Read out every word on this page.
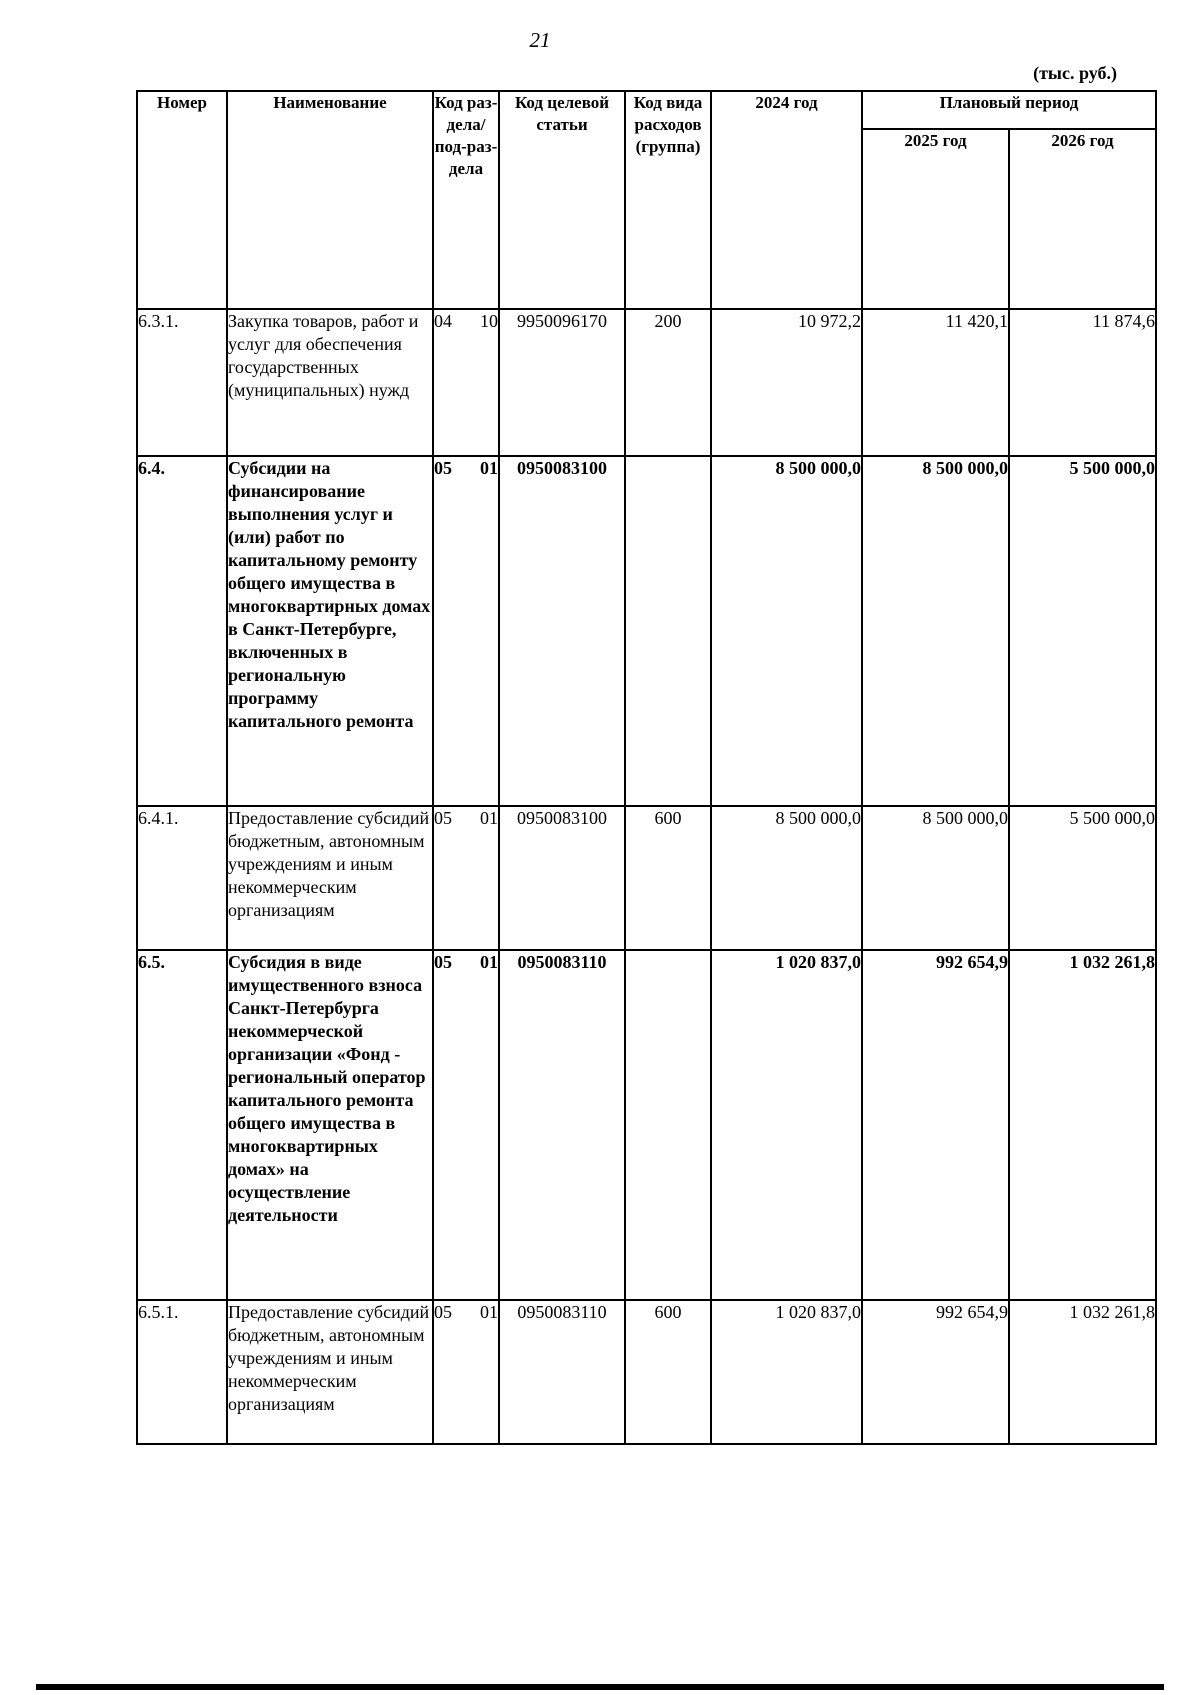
21
(тыс. руб.)
Номер	Наименование	Код раз-дела/ под-раз-дела	Код целевой статьи	Код вида расходов (группа)	2024 год	Плановый период	
						2025 год	2026 год
6.3.1.	Закупка товаров, работ и услуг для обеспечения государственных (муниципальных) нужд	04 10	9950096170	200	10 972,2	11 420,1	11 874,6
6.4.	Субсидии на финансирование выполнения услуг и (или) работ по капитальному ремонту общего имущества в многоквартирных домах в Санкт-Петербурге, включенных в региональную программу капитального ремонта	05 01	0950083100		8 500 000,0	8 500 000,0	5 500 000,0
6.4.1.	Предоставление субсидий бюджетным, автономным учреждениям и иным некоммерческим организациям	05 01	0950083100	600	8 500 000,0	8 500 000,0	5 500 000,0
6.5.	Субсидия в виде имущественного взноса Санкт-Петербурга некоммерческой организации «Фонд - региональный оператор капитального ремонта общего имущества в многоквартирных домах» на осуществление деятельности	05 01	0950083110		1 020 837,0	992 654,9	1 032 261,8
6.5.1.	Предоставление субсидий бюджетным, автономным учреждениям и иным некоммерческим организациям	05 01	0950083110	600	1 020 837,0	992 654,9	1 032 261,8
